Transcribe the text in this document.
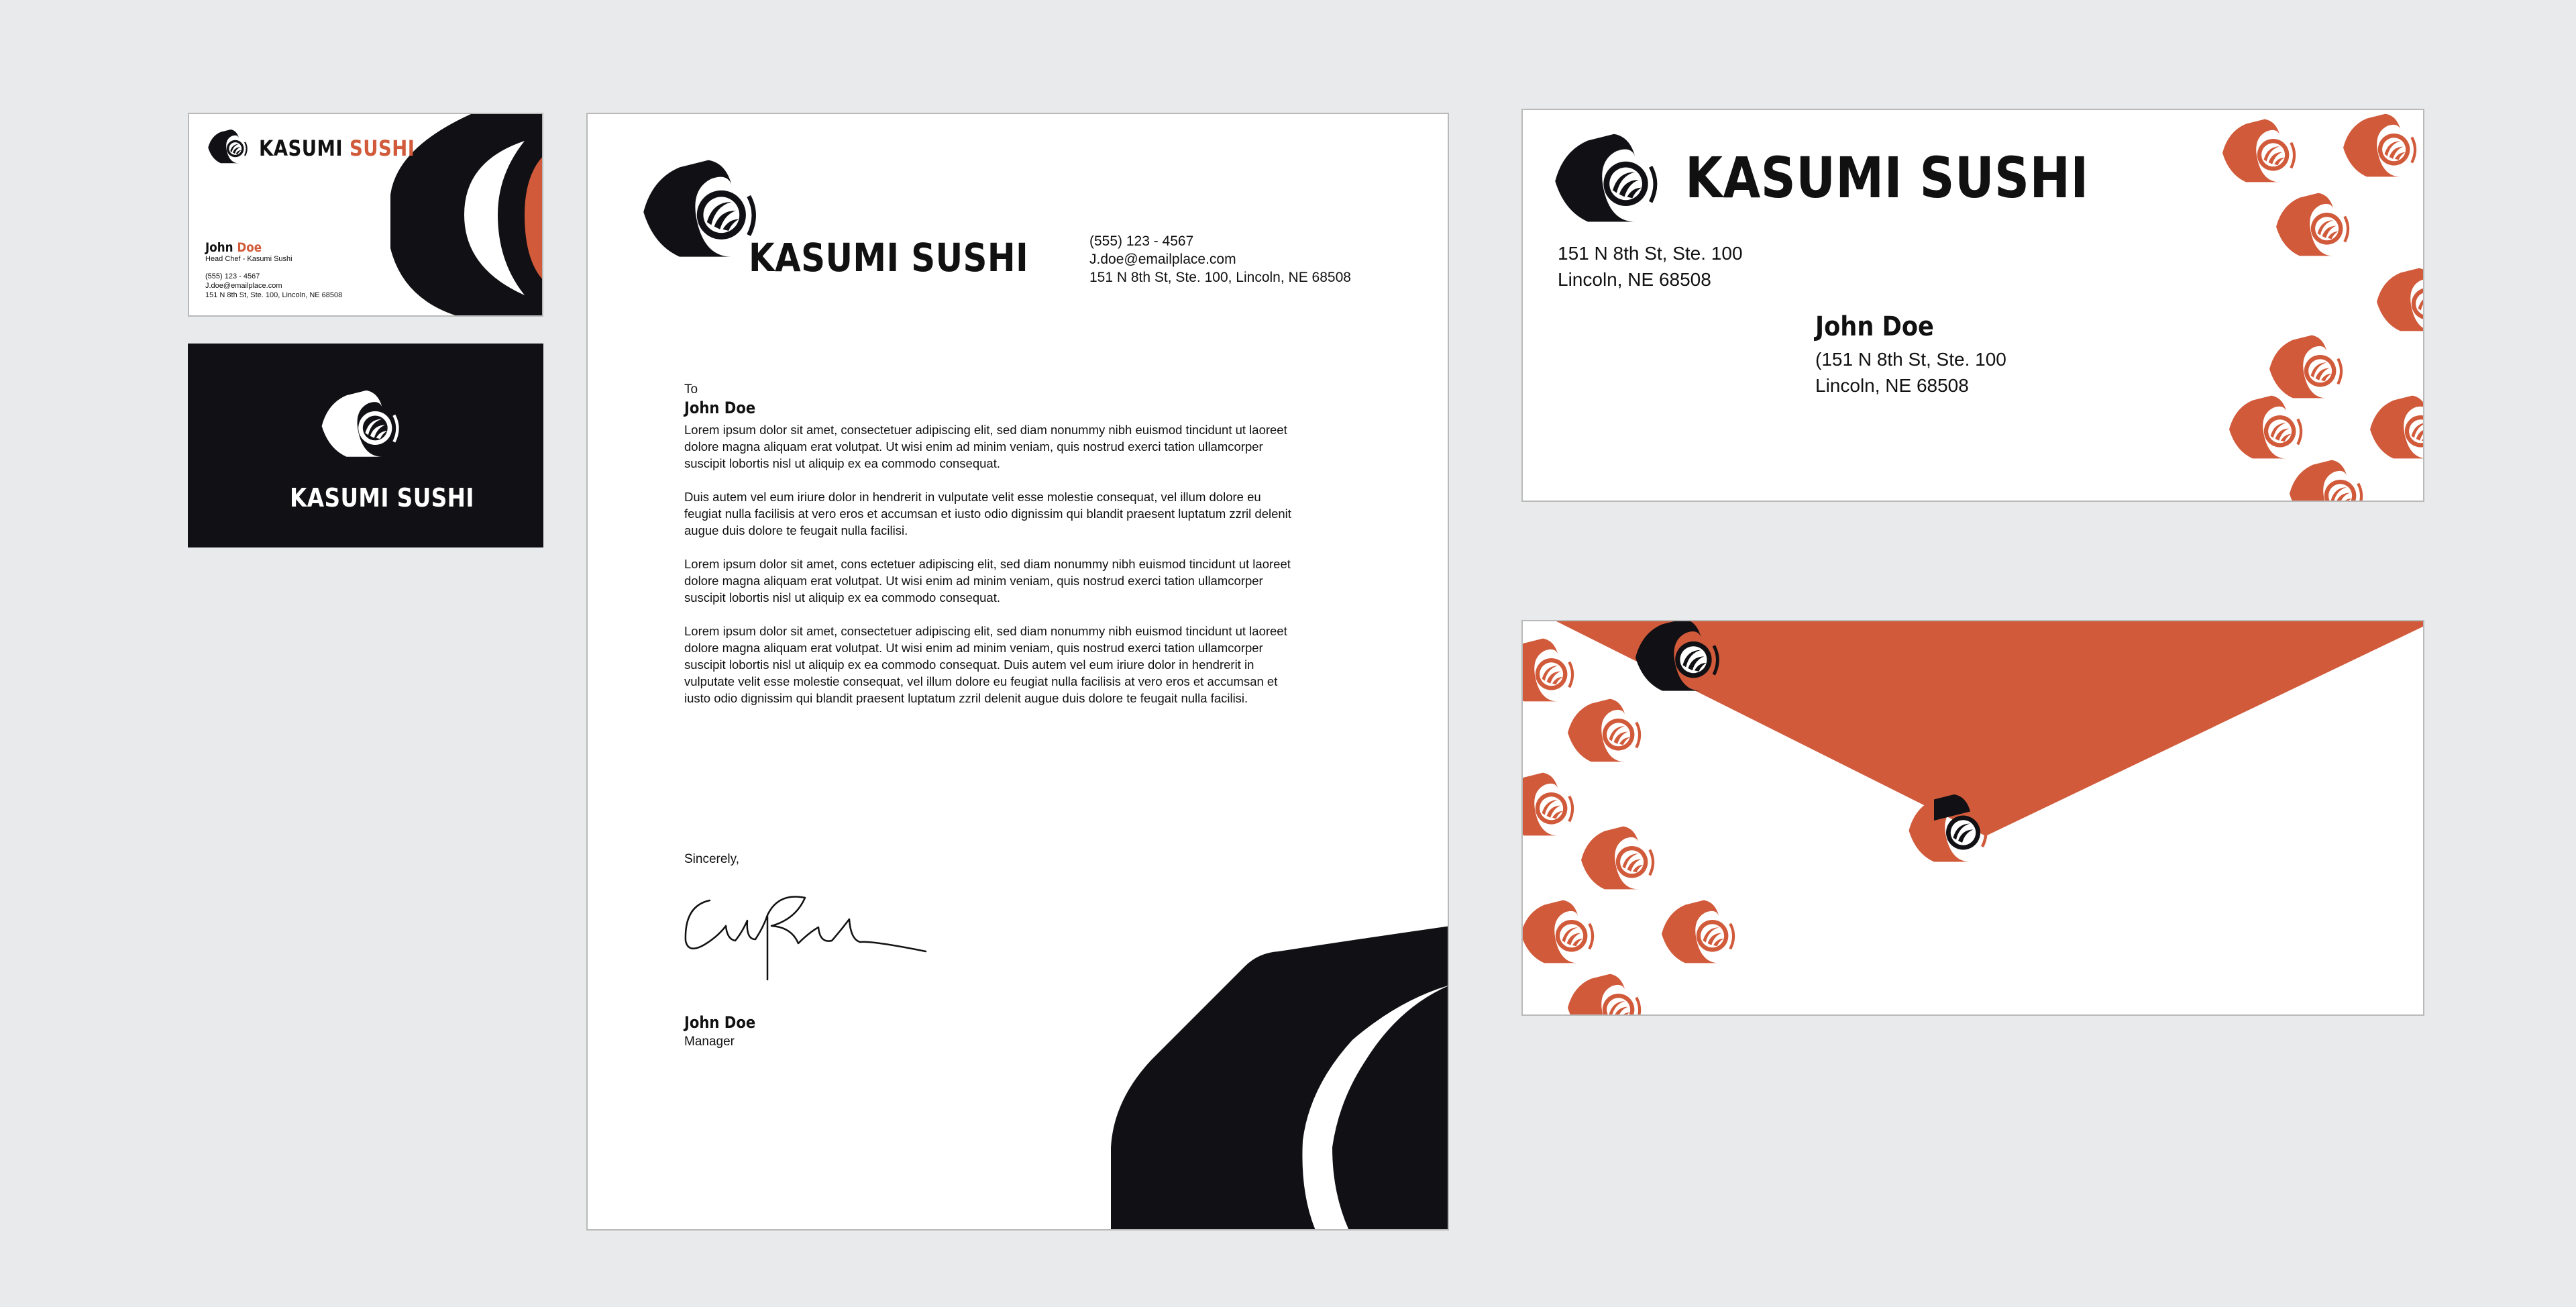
KASUMI SUSHI
John Doe
Head Chef - Kasumi Sushi
(555) 123 - 4567
J.doe@emailplace.com
151 N 8th St, Ste. 100, Lincoln, NE 68508
KASUMI SUSHI
KASUMI SUSHI	(555) 123 - 4567
J.doe@emailplace.com
151 N 8th St, Ste. 100, Lincoln, NE 68508
To
John Doe
Lorem ipsum dolor sit amet, consectetuer adipiscing elit, sed diam nonummy nibh euismod tincidunt ut laoreet
dolore magna aliquam erat volutpat. Ut wisi enim ad minim veniam, quis nostrud exerci tation ullamcorper
suscipit lobortis nisl ut aliquip ex ea commodo consequat.
Duis autem vel eum iriure dolor in hendrerit in vulputate velit esse molestie consequat, vel illum dolore eu
feugiat nulla facilisis at vero eros et accumsan et iusto odio dignissim qui blandit praesent luptatum zzril delenit
augue duis dolore te feugait nulla facilisi.
Lorem ipsum dolor sit amet, cons ectetuer adipiscing elit, sed diam nonummy nibh euismod tincidunt ut laoreet
dolore magna aliquam erat volutpat. Ut wisi enim ad minim veniam, quis nostrud exerci tation ullamcorper
suscipit lobortis nisl ut aliquip ex ea commodo consequat.
Lorem ipsum dolor sit amet, consectetuer adipiscing elit, sed diam nonummy nibh euismod tincidunt ut laoreet
dolore magna aliquam erat volutpat. Ut wisi enim ad minim veniam, quis nostrud exerci tation ullamcorper
suscipit lobortis nisl ut aliquip ex ea commodo consequat. Duis autem vel eum iriure dolor in hendrerit in
vulputate velit esse molestie consequat, vel illum dolore eu feugiat nulla facilisis at vero eros et accumsan et
iusto odio dignissim qui blandit praesent luptatum zzril delenit augue duis dolore te feugait nulla facilisi.
Sincerely,
John Doe
Manager
KASUMI SUSHI
151 N 8th St, Ste. 100
Lincoln, NE 68508
John Doe
(151 N 8th St, Ste. 100
Lincoln, NE 68508
